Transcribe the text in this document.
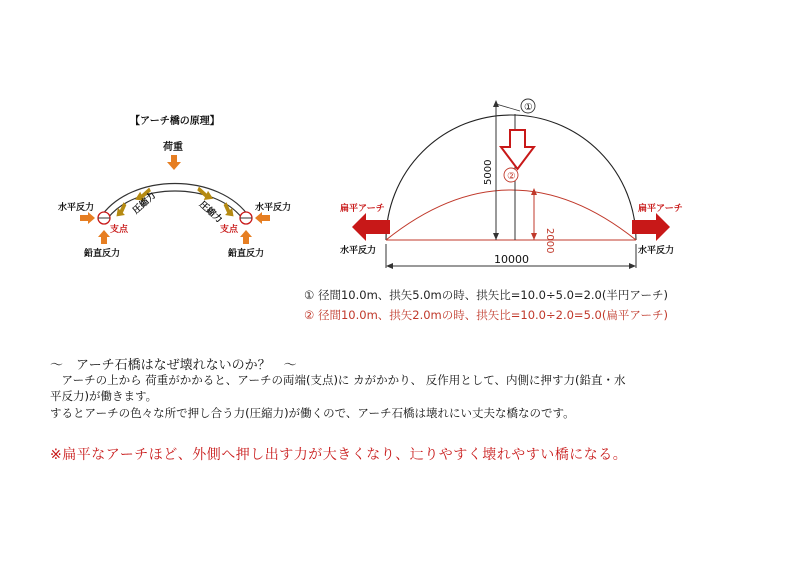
【アーチ橋の原理】
荷重
水平反力	水平反力
鉛直反力	鉛直反力
支点	支点
圧縮力	圧縮力
①
②
5000
2000
10000
扁平アーチ	扁平アーチ
水平反力	水平反力
① 径間10.0m、拱矢5.0mの時、拱矢比=10.0÷5.0=2.0(半円アーチ)
② 径間10.0m、拱矢2.0mの時、拱矢比=10.0÷2.0=5.0(扁平アーチ)
～　アーチ石橋はなぜ壊れないのか？　～
　アーチの上から 荷重がかかると、アーチの両端(支点)に カがかかり、 反作用として、内側に押す力(鉛直・水
平反力)が働きます。
するとアーチの色々な所で押し合う力(圧縮力)が働くので、アーチ石橋は壊れにい丈夫な橋なのです。
※扁平なアーチほど、外側へ押し出す力が大きくなり、辷りやすく壊れやすい橋になる。
